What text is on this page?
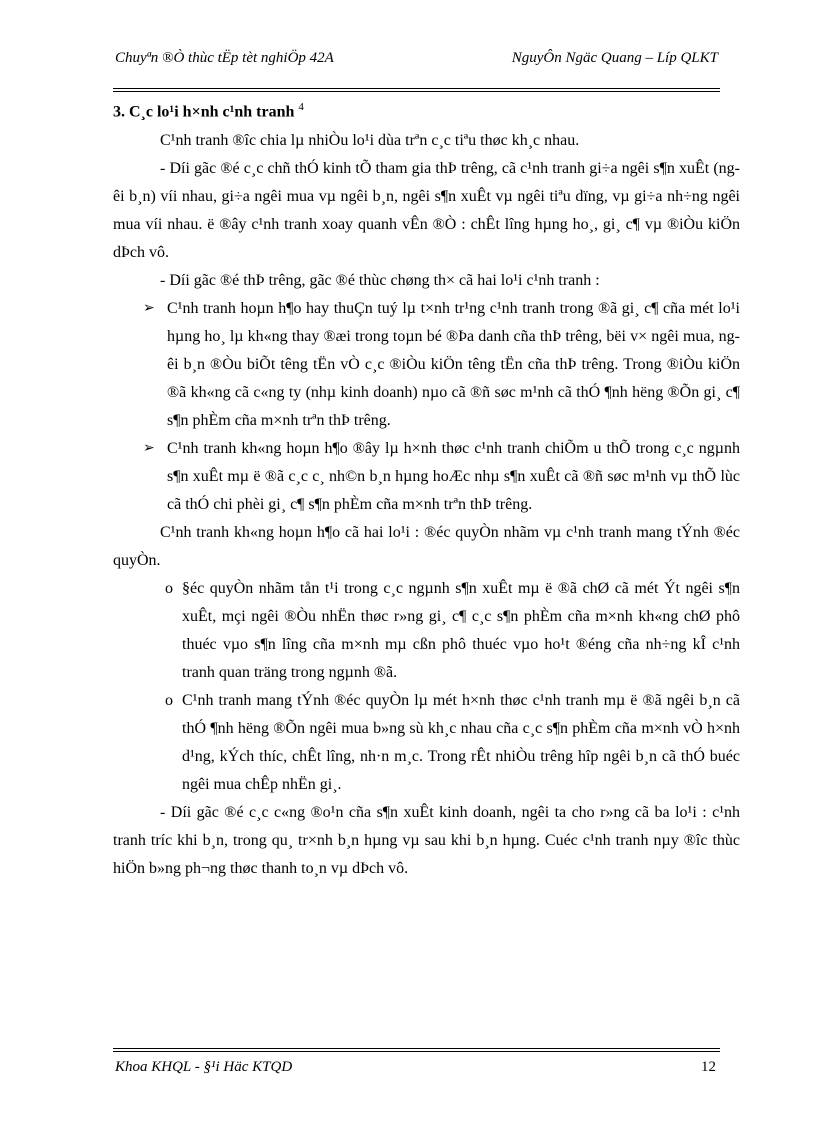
Chuyªn ®Ò thùc tËp tèt nghiÖp 42A	NguyÔn Ngäc Quang – Líp QLKT

3. C¸c lo¹i h×nh c¹nh tranh $^4$

C¹nh tranh ®îc chia lµ nhiÒu lo¹i dùa trªn c¸c tiªu thøc kh¸c nhau.

- Díi gãc ®é c¸c chñ thÓ kinh tÕ tham gia thÞ trêng, cã c¹nh tranh gi÷a ngêi s¶n xuÊt (ngêi b¸n) víi nhau, gi÷a ngêi mua vµ ngêi b¸n, ngêi s¶n xuÊt vµ ngêi tiªu dïng, vµ gi÷a nh÷ng ngêi mua víi nhau. ë ®ây c¹nh tranh xoay quanh vÊn ®Ò : chÊt lîng hµng ho¸, gi¸ c¶ vµ ®iÒu kiÖn dÞch vô.

- Díi gãc ®é thÞ trêng, gãc ®é thùc chøng th× cã hai lo¹i c¹nh tranh :

➢ C¹nh tranh hoµn h¶o hay thuÇn tuý lµ t×nh tr¹ng c¹nh tranh trong ®ã gi¸ c¶ cña mét lo¹i hµng ho¸ lµ kh«ng thay ®æi trong toµn bé ®Þa danh cña thÞ trêng, bëi v× ngêi mua, ngêi b¸n ®Òu biÕt têng tËn vÒ c¸c ®iÒu kiÖn têng tËn cña thÞ trêng. Trong ®iÒu kiÖn ®ã kh«ng cã c«ng ty (nhµ kinh doanh) nµo cã ®ñ søc m¹nh cã thÓ ¶nh hëng ®Õn gi¸ c¶ s¶n phÈm cña m×nh trªn thÞ trêng.

➢ C¹nh tranh kh«ng hoµn h¶o ®ây lµ h×nh thøc c¹nh tranh chiÕm u thÕ trong c¸c ngµnh s¶n xuÊt mµ ë ®ã c¸c c¸ nh©n b¸n hµng hoÆc nhµ s¶n xuÊt cã ®ñ søc m¹nh vµ thÕ lùc cã thÓ chi phèi gi¸ c¶ s¶n phÈm cña m×nh trªn thÞ trêng.

C¹nh tranh kh«ng hoµn h¶o cã hai lo¹i : ®éc quyÒn nhãm vµ c¹nh tranh mang tÝnh ®éc quyÒn.

o §éc quyÒn nhãm tån t¹i trong c¸c ngµnh s¶n xuÊt mµ ë ®ã chØ cã mét Ýt ngêi s¶n xuÊt, mçi ngêi ®Òu nhËn thøc r»ng gi¸ c¶ c¸c s¶n phÈm cña m×nh kh«ng chØ phô thuéc vµo s¶n lîng cña m×nh mµ cßn phô thuéc vµo ho¹t ®éng cña nh÷ng kÎ c¹nh tranh quan träng trong ngµnh ®ã.

o C¹nh tranh mang tÝnh ®éc quyÒn lµ mét h×nh thøc c¹nh tranh mµ ë ®ã ngêi b¸n cã thÓ ¶nh hëng ®Õn ngêi mua b»ng sù kh¸c nhau cña c¸c s¶n phÈm cña m×nh vÒ h×nh d¹ng, kÝch thíc, chÊt lîng, nh·n m¸c. Trong rÊt nhiÒu trêng hîp ngêi b¸n cã thÓ buéc ngêi mua chÊp nhËn gi¸.

- Díi gãc ®é c¸c c«ng ®o¹n cña s¶n xuÊt kinh doanh, ngêi ta cho r»ng cã ba lo¹i : c¹nh tranh tríc khi b¸n, trong qu¸ tr×nh b¸n hµng vµ sau khi b¸n hµng. Cuéc c¹nh tranh nµy ®îc thùc hiÖn b»ng ph¬ng thøc thanh to¸n vµ dÞch vô.

Khoa KHQL - §¹i Häc KTQD	12
